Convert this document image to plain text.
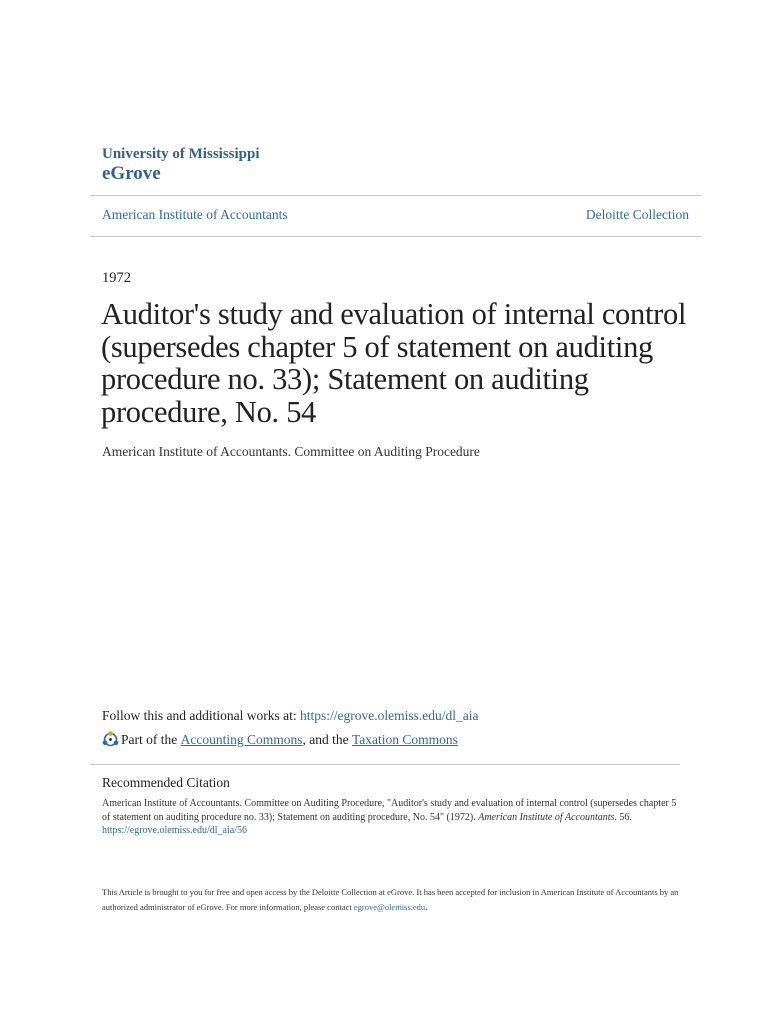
University of Mississippi
eGrove
American Institute of Accountants	Deloitte Collection
1972
Auditor's study and evaluation of internal control (supersedes chapter 5 of statement on auditing procedure no. 33); Statement on auditing procedure, No. 54
American Institute of Accountants. Committee on Auditing Procedure
Follow this and additional works at: https://egrove.olemiss.edu/dl_aia
Part of the
Accounting Commons , and the
Taxation Commons
Recommended Citation
American Institute of Accountants. Committee on Auditing Procedure, "Auditor's study and evaluation of internal control (supersedes chapter 5 of statement on auditing procedure no. 33); Statement on auditing procedure, No. 54" (1972). American Institute of Accountants. 56.
https://egrove.olemiss.edu/dl_aia/56
This Article is brought to you for free and open access by the Deloitte Collection at eGrove. It has been accepted for inclusion in American Institute of Accountants by an authorized administrator of eGrove. For more information, please contact egrove@olemiss.edu.
